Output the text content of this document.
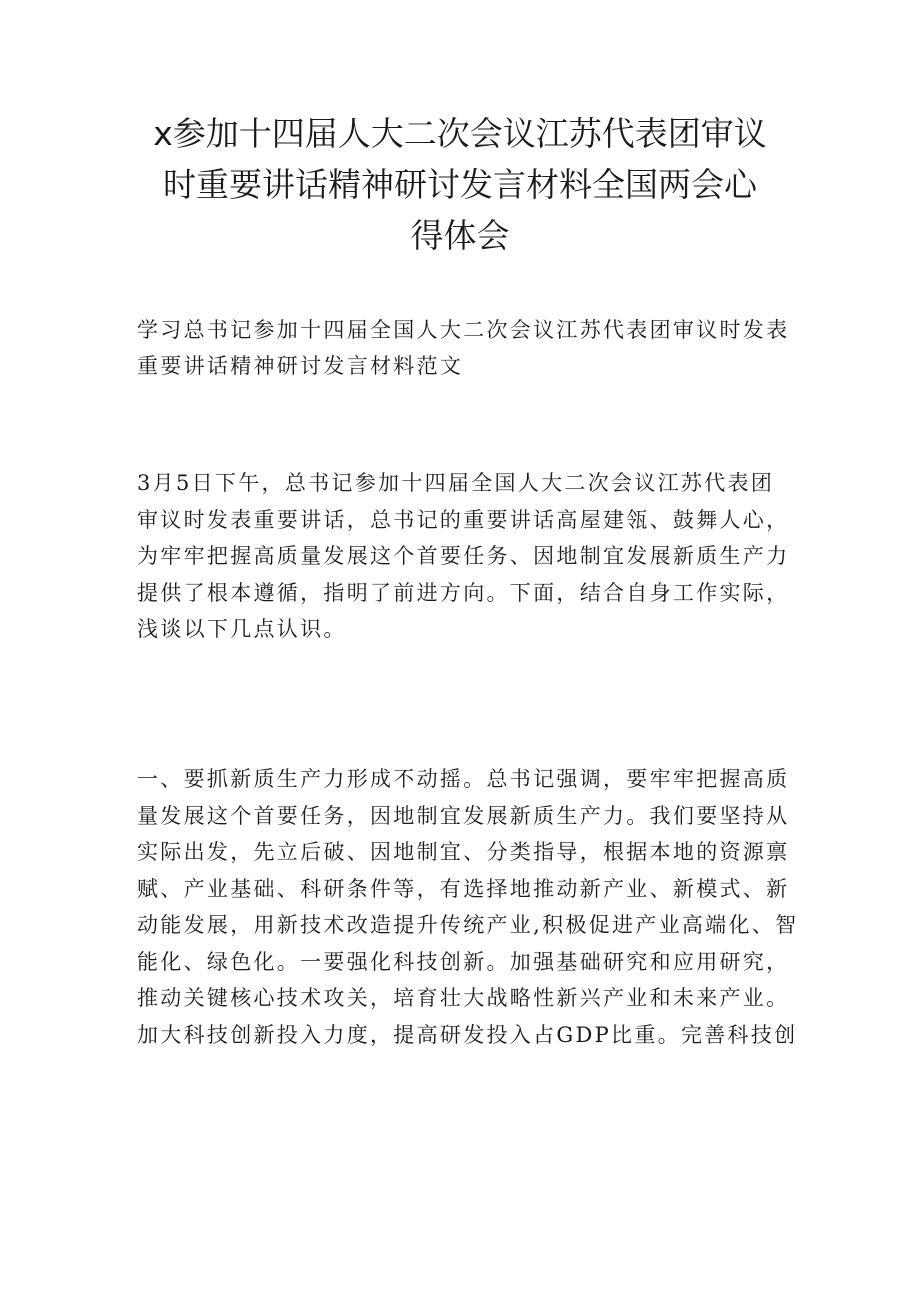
x参加十四届人大二次会议江苏代表团审议
时重要讲话精神研讨发言材料全国两会心
得体会
学习总书记参加十四届全国人大二次会议江苏代表团审议时发表
重要讲话精神研讨发言材料范文
3月5日下午，总书记参加十四届全国人大二次会议江苏代表团
审议时发表重要讲话，总书记的重要讲话高屋建瓴、鼓舞人心，
为牢牢把握高质量发展这个首要任务、因地制宜发展新质生产力
提供了根本遵循，指明了前进方向。下面，结合自身工作实际，
浅谈以下几点认识。
一、要抓新质生产力形成不动摇。总书记强调，要牢牢把握高质
量发展这个首要任务，因地制宜发展新质生产力。我们要坚持从
实际出发，先立后破、因地制宜、分类指导，根据本地的资源禀
赋、产业基础、科研条件等，有选择地推动新产业、新模式、新
动能发展，用新技术改造提升传统产业,积极促进产业高端化、智
能化、绿色化。一要强化科技创新。加强基础研究和应用研究，
推动关键核心技术攻关，培育壮大战略性新兴产业和未来产业。
加大科技创新投入力度，提高研发投入占GDP比重。完善科技创
